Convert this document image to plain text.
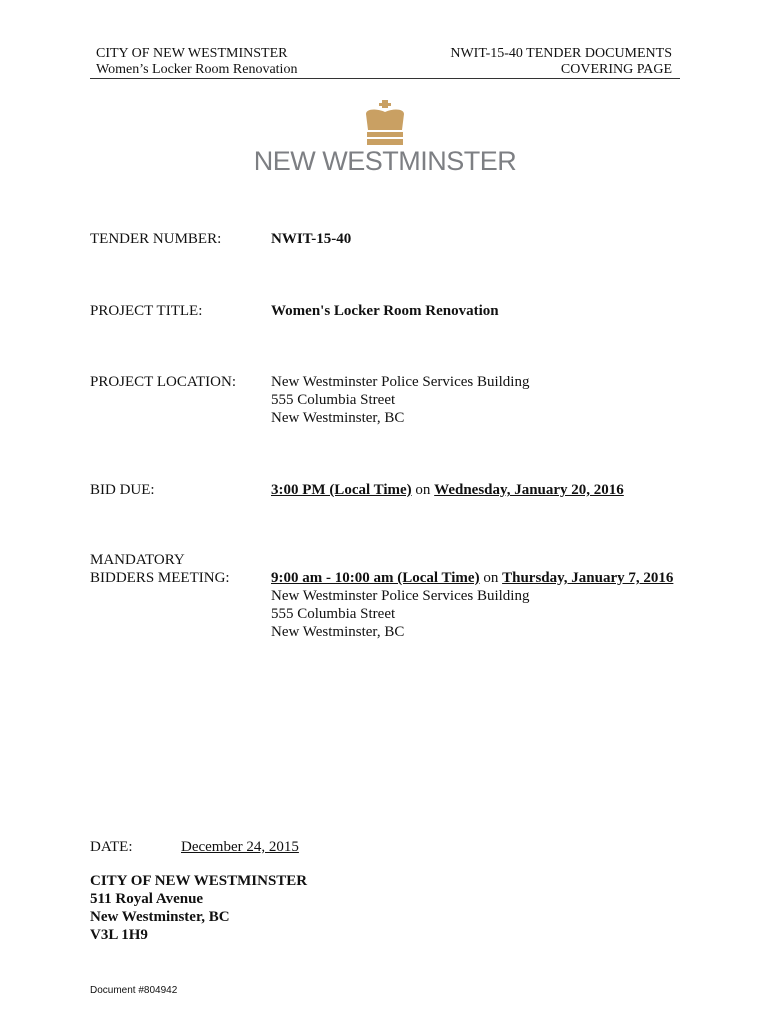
CITY OF NEW WESTMINSTER
Women’s Locker Room Renovation
NWIT-15-40 TENDER DOCUMENTS
COVERING PAGE
NEW WESTMINSTER
TENDER NUMBER:	NWIT-15-40
PROJECT TITLE:	Women's Locker Room Renovation
PROJECT LOCATION: New Westminster Police Services Building
555 Columbia Street
New Westminster, BC
BID DUE:	3:00 PM (Local Time) on Wednesday, January 20, 2016
MANDATORY
BIDDERS MEETING:	9:00 am - 10:00 am (Local Time) on Thursday, January 7, 2016
New Westminster Police Services Building
555 Columbia Street
New Westminster, BC
DATE:	December 24, 2015
CITY OF NEW WESTMINSTER
511 Royal Avenue
New Westminster, BC
V3L 1H9
Document #804942
